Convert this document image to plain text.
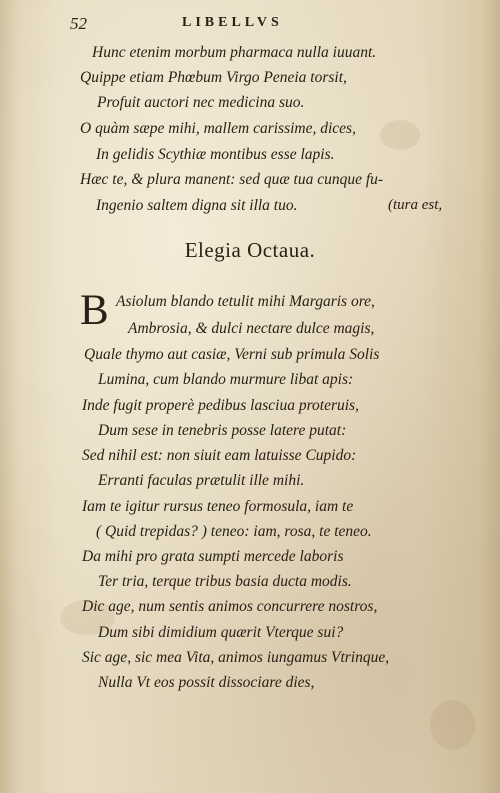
52	LIBELLVS
Hunc etenim morbum pharmaca nulla iuuant.
Quippe etiam Phœbum Virgo Peneia torsit,
Profuit auctori nec medicina suo.
O quàm sæpe mihi, mallem carissime, dices,
In gelidis Scythiæ montibus esse lapis.
Hæc te, & plura manent: sed quæ tua cunque fu-
Ingenio saltem digna sit illa tuo.	(tura est,
Elegia Octaua.
B Asiolum blando tetulit mihi Margaris ore,
Ambrosia, & dulci nectare dulce magis,
Quale thymo aut casiæ, Verni sub primula Solis
Lumina, cum blando murmure libat apis:
Inde fugit properè pedibus lasciua proteruis,
Dum sese in tenebris posse latere putat:
Sed nihil est: non siuit eam latuisse Cupido:
Erranti faculas prætulit ille mihi.
Iam te igitur rursus teneo formosula, iam te
( Quid trepidas? ) teneo: iam, rosa, te teneo.
Da mihi pro grata sumpti mercede laboris
Ter tria, terque tribus basia ducta modis.
Dic age, num sentis animos concurrere nostros,
Dum sibi dimidium quærit Vterque sui?
Sic age, sic mea Vita, animos iungamus Vtrinque,
Nulla Vt eos possit dissociare dies,
